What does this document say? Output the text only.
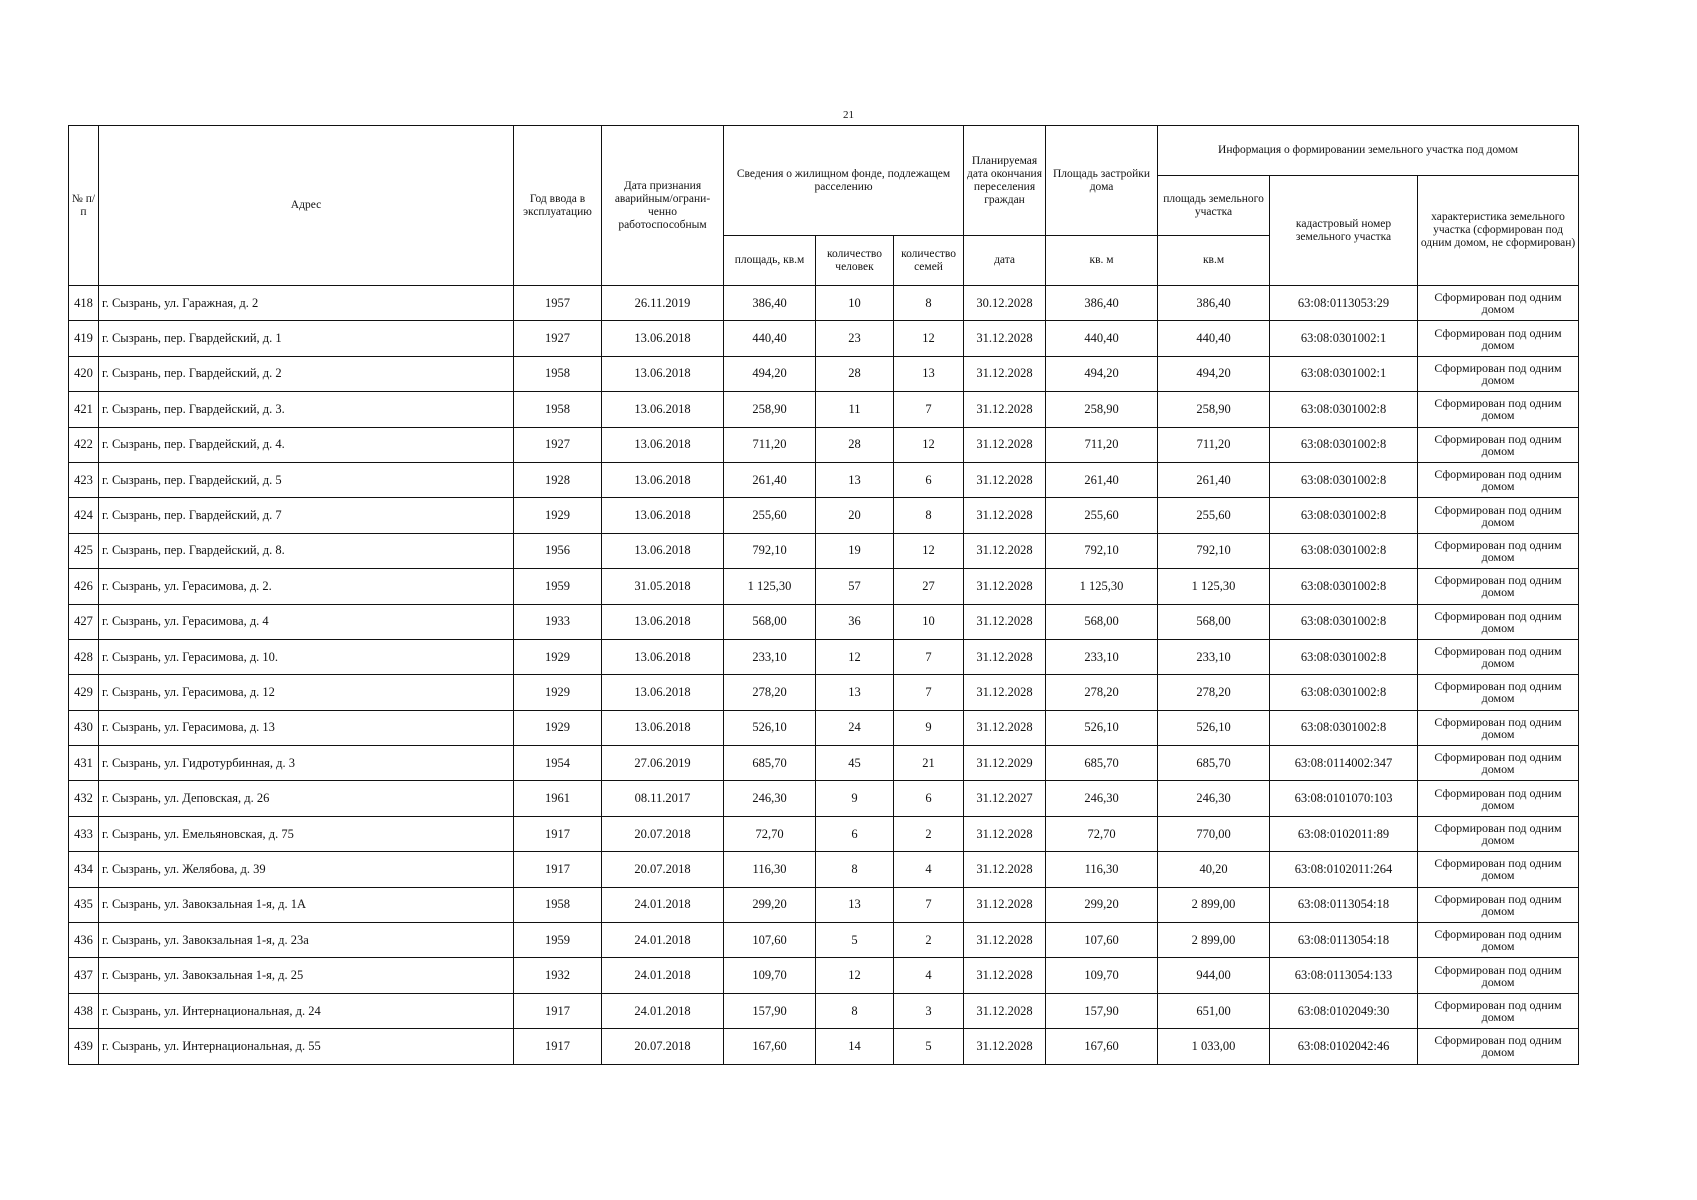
21
№ п/п	Адрес	Год ввода в эксплуатацию	Дата признания аварийным/ограни-ченно работоспособным	Сведения о жилищном фонде, подлежащем расселению			Планируемая дата окончания переселения граждан	Площадь застройки дома	Информация о формировании земельного участка под домом		
									площадь земельного участка	кадастровый номер земельного участка	характеристика земельного участка (сформирован под одним домом, не сформирован)
				площадь, кв.м	количество человек	количество семей	дата	кв. м	кв.м		
418	г. Сызрань, ул. Гаражная, д. 2	1957	26.11.2019	386,40	10	8	30.12.2028	386,40	386,40	63:08:0113053:29	Сформирован под одним домом
419	г. Сызрань, пер. Гвардейский, д. 1	1927	13.06.2018	440,40	23	12	31.12.2028	440,40	440,40	63:08:0301002:1	Сформирован под одним домом
420	г. Сызрань, пер. Гвардейский, д. 2	1958	13.06.2018	494,20	28	13	31.12.2028	494,20	494,20	63:08:0301002:1	Сформирован под одним домом
421	г. Сызрань, пер. Гвардейский, д. 3.	1958	13.06.2018	258,90	11	7	31.12.2028	258,90	258,90	63:08:0301002:8	Сформирован под одним домом
422	г. Сызрань, пер. Гвардейский, д. 4.	1927	13.06.2018	711,20	28	12	31.12.2028	711,20	711,20	63:08:0301002:8	Сформирован под одним домом
423	г. Сызрань, пер. Гвардейский, д. 5	1928	13.06.2018	261,40	13	6	31.12.2028	261,40	261,40	63:08:0301002:8	Сформирован под одним домом
424	г. Сызрань, пер. Гвардейский, д. 7	1929	13.06.2018	255,60	20	8	31.12.2028	255,60	255,60	63:08:0301002:8	Сформирован под одним домом
425	г. Сызрань, пер. Гвардейский, д. 8.	1956	13.06.2018	792,10	19	12	31.12.2028	792,10	792,10	63:08:0301002:8	Сформирован под одним домом
426	г. Сызрань, ул. Герасимова, д. 2.	1959	31.05.2018	1 125,30	57	27	31.12.2028	1 125,30	1 125,30	63:08:0301002:8	Сформирован под одним домом
427	г. Сызрань, ул. Герасимова, д. 4	1933	13.06.2018	568,00	36	10	31.12.2028	568,00	568,00	63:08:0301002:8	Сформирован под одним домом
428	г. Сызрань, ул. Герасимова, д. 10.	1929	13.06.2018	233,10	12	7	31.12.2028	233,10	233,10	63:08:0301002:8	Сформирован под одним домом
429	г. Сызрань, ул. Герасимова, д. 12	1929	13.06.2018	278,20	13	7	31.12.2028	278,20	278,20	63:08:0301002:8	Сформирован под одним домом
430	г. Сызрань, ул. Герасимова, д. 13	1929	13.06.2018	526,10	24	9	31.12.2028	526,10	526,10	63:08:0301002:8	Сформирован под одним домом
431	г. Сызрань, ул. Гидротурбинная, д. 3	1954	27.06.2019	685,70	45	21	31.12.2029	685,70	685,70	63:08:0114002:347	Сформирован под одним домом
432	г. Сызрань, ул. Деповская, д. 26	1961	08.11.2017	246,30	9	6	31.12.2027	246,30	246,30	63:08:0101070:103	Сформирован под одним домом
433	г. Сызрань, ул. Емельяновская, д. 75	1917	20.07.2018	72,70	6	2	31.12.2028	72,70	770,00	63:08:0102011:89	Сформирован под одним домом
434	г. Сызрань, ул. Желябова, д. 39	1917	20.07.2018	116,30	8	4	31.12.2028	116,30	40,20	63:08:0102011:264	Сформирован под одним домом
435	г. Сызрань, ул. Завокзальная 1-я, д. 1А	1958	24.01.2018	299,20	13	7	31.12.2028	299,20	2 899,00	63:08:0113054:18	Сформирован под одним домом
436	г. Сызрань, ул. Завокзальная 1-я, д. 23а	1959	24.01.2018	107,60	5	2	31.12.2028	107,60	2 899,00	63:08:0113054:18	Сформирован под одним домом
437	г. Сызрань, ул. Завокзальная 1-я, д. 25	1932	24.01.2018	109,70	12	4	31.12.2028	109,70	944,00	63:08:0113054:133	Сформирован под одним домом
438	г. Сызрань, ул. Интернациональная, д. 24	1917	24.01.2018	157,90	8	3	31.12.2028	157,90	651,00	63:08:0102049:30	Сформирован под одним домом
439	г. Сызрань, ул. Интернациональная, д. 55	1917	20.07.2018	167,60	14	5	31.12.2028	167,60	1 033,00	63:08:0102042:46	Сформирован под одним домом
